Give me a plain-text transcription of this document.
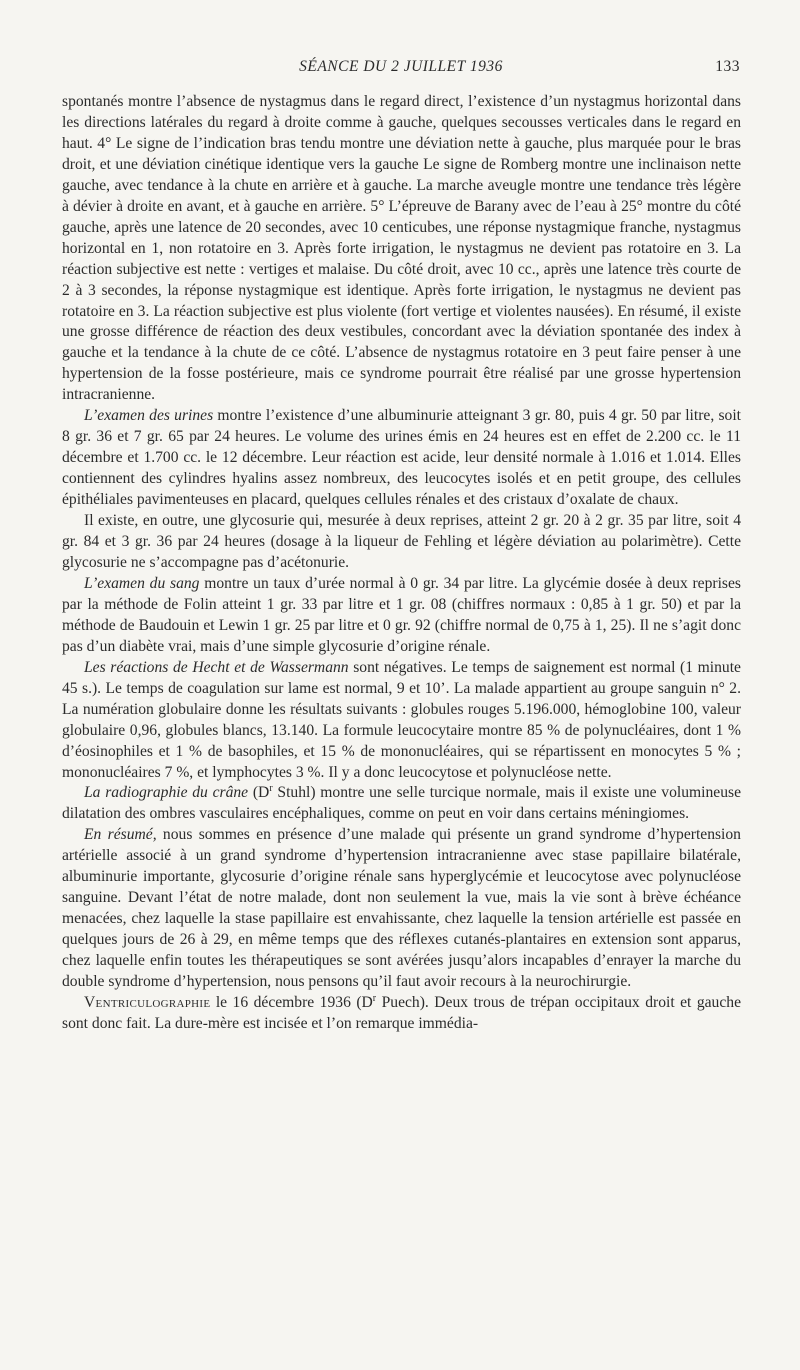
SÉANCE DU 2 JUILLET 1936	133

spontanés montre l’absence de nystagmus dans le regard direct, l’existence d’un nystagmus horizontal dans les directions latérales du regard à droite comme à gauche, quelques secousses verticales dans le regard en haut. 4° Le signe de l’indication bras tendu montre une déviation nette à gauche, plus marquée pour le bras droit, et une déviation cinétique identique vers la gauche Le signe de Romberg montre une inclinaison nette gauche, avec tendance à la chute en arrière et à gauche. La marche aveugle montre une tendance très légère à dévier à droite en avant, et à gauche en arrière. 5° L’épreuve de Barany avec de l’eau à 25° montre du côté gauche, après une latence de 20 secondes, avec 10 centicubes, une réponse nystagmique franche, nystagmus horizontal en 1, non rotatoire en 3. Après forte irrigation, le nystagmus ne devient pas rotatoire en 3. La réaction subjective est nette : vertiges et malaise. Du côté droit, avec 10 cc., après une latence très courte de 2 à 3 secondes, la réponse nystagmique est identique. Après forte irrigation, le nystagmus ne devient pas rotatoire en 3. La réaction subjective est plus violente (fort vertige et violentes nausées). En résumé, il existe une grosse différence de réaction des deux vestibules, concordant avec la déviation spontanée des index à gauche et la tendance à la chute de ce côté. L’absence de nystagmus rotatoire en 3 peut faire penser à une hypertension de la fosse postérieure, mais ce syndrome pourrait être réalisé par une grosse hypertension intracranienne.

L’examen des urines montre l’existence d’une albuminurie atteignant 3 gr. 80, puis 4 gr. 50 par litre, soit 8 gr. 36 et 7 gr. 65 par 24 heures. Le volume des urines émis en 24 heures est en effet de 2.200 cc. le 11 décembre et 1.700 cc. le 12 décembre. Leur réaction est acide, leur densité normale à 1.016 et 1.014. Elles contiennent des cylindres hyalins assez nombreux, des leucocytes isolés et en petit groupe, des cellules épithéliales pavimenteuses en placard, quelques cellules rénales et des cristaux d’oxalate de chaux.

Il existe, en outre, une glycosurie qui, mesurée à deux reprises, atteint 2 gr. 20 à 2 gr. 35 par litre, soit 4 gr. 84 et 3 gr. 36 par 24 heures (dosage à la liqueur de Fehling et légère déviation au polarimètre). Cette glycosurie ne s’accompagne pas d’acétonurie.

L’examen du sang montre un taux d’urée normal à 0 gr. 34 par litre. La glycémie dosée à deux reprises par la méthode de Folin atteint 1 gr. 33 par litre et 1 gr. 08 (chiffres normaux : 0,85 à 1 gr. 50) et par la méthode de Baudouin et Lewin 1 gr. 25 par litre et 0 gr. 92 (chiffre normal de 0,75 à 1, 25). Il ne s’agit donc pas d’un diabète vrai, mais d’une simple glycosurie d’origine rénale.

Les réactions de Hecht et de Wassermann sont négatives. Le temps de saignement est normal (1 minute 45 s.). Le temps de coagulation sur lame est normal, 9 et 10’. La malade appartient au groupe sanguin n° 2. La numération globulaire donne les résultats suivants : globules rouges 5.196.000, hémoglobine 100, valeur globulaire 0,96, globules blancs, 13.140. La formule leucocytaire montre 85 % de polynucléaires, dont 1 % d’éosinophiles et 1 % de basophiles, et 15 % de mononucléaires, qui se répartissent en monocytes 5 % ; mononucléaires 7 %, et lymphocytes 3 %. Il y a donc leucocytose et polynucléose nette.

La radiographie du crâne ($D^r$ Stuhl) montre une selle turcique normale, mais il existe une volumineuse dilatation des ombres vasculaires encéphaliques, comme on peut en voir dans certains méningiomes.

En résumé, nous sommes en présence d’une malade qui présente un grand syndrome d’hypertension artérielle associé à un grand syndrome d’hypertension intracranienne avec stase papillaire bilatérale, albuminurie importante, glycosurie d’origine rénale sans hyperglycémie et leucocytose avec polynucléose sanguine. Devant l’état de notre malade, dont non seulement la vue, mais la vie sont à brève échéance menacées, chez laquelle la stase papillaire est envahissante, chez laquelle la tension artérielle est passée en quelques jours de 26 à 29, en même temps que des réflexes cutanés-plantaires en extension sont apparus, chez laquelle enfin toutes les thérapeutiques se sont avérées jusqu’alors incapables d’enrayer la marche du double syndrome d’hypertension, nous pensons qu’il faut avoir recours à la neurochirurgie.

Ventriculographie le 16 décembre 1936 ($D^r$ Puech). Deux trous de trépan occipitaux droit et gauche sont donc fait. La dure-mère est incisée et l’on remarque immédia-
